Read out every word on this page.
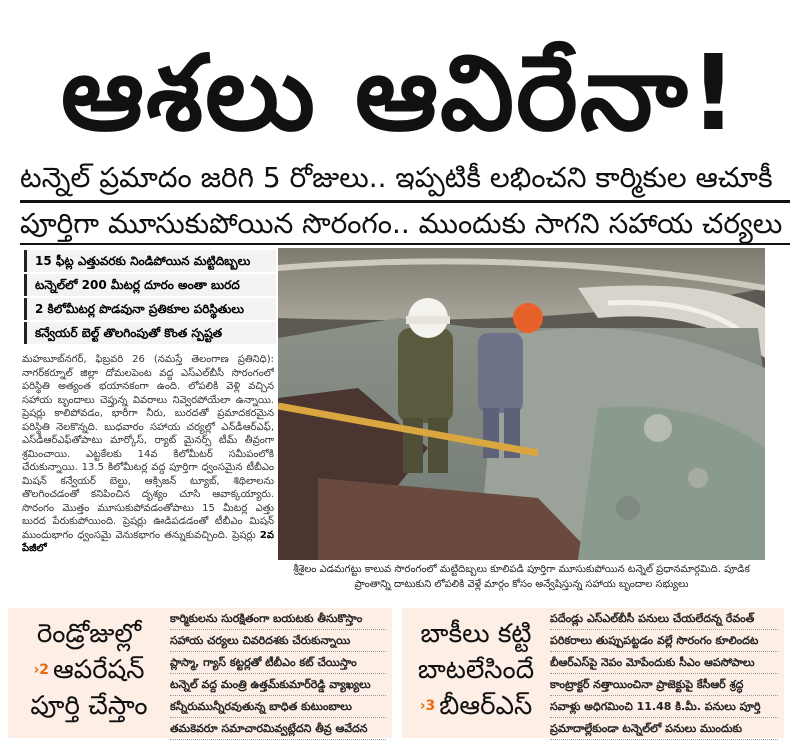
ఆశలు ఆవిరేనా!
టన్నెల్ ప్రమాదం జరిగి 5 రోజులు.. ఇప్పటికీ లభించని కార్మికుల ఆచూకీ
పూర్తిగా మూసుకుపోయిన సొరంగం.. ముందుకు సాగని సహాయ చర్యలు
15 ఫీట్ల ఎత్తువరకు నిండిపోయిన మట్టిదిబ్బలు
టన్నెల్‌లో 200 మీటర్ల దూరం అంతా బురద
2 కిలోమీటర్ల పొడవునా ప్రతికూల పరిస్థితులు
కన్వేయర్ బెల్ట్ తొలగింపుతో కొంత స్పష్టత
మహబూబ్‌నగర్, ఫిబ్రవరి 26 (నమస్తే తెలంగాణ ప్రతినిధి): నాగర్‌కర్నూల్ జిల్లా దోమలపెంట వద్ద ఎస్‌ఎల్‌బీసీ సొరంగంలో పరిస్థితి అత్యంత భయానకంగా ఉంది. లోపలికి వెళ్లి వచ్చిన సహాయ బృందాలు చెప్తున్న వివరాలు నివ్వెరపోయేలా ఉన్నాయి. ప్రెషర్లు కాలిపోవడం, భారీగా నీరు, బురదతో ప్రమాదకరమైన పరిస్థితి నెలకొన్నది. బుధవారం సహాయ చర్యల్లో ఎన్‌డీఆర్‌ఎఫ్, ఎస్‌డీఆర్‌ఎఫ్‌తోపాటు మార్కోస్, ర్యాట్ మైనర్స్ టీమ్ తీవ్రంగా శ్రమించాయి. ఎట్టకేలకు 14వ కిలోమీటర్ సమీపంలోకి చేరుకున్నాయి. 13.5 కిలోమీటర్ల వద్ద పూర్తిగా ధ్వంసమైన టీబీఎం మిషన్ కన్వేయర్ బెల్టు, ఆక్సిజన్ ట్యూబ్, శిథిలాలను తొలగించడంతో కనిపించిన దృశ్యం చూసి ఆవాక్కయ్యారు. సొరంగం మొత్తం మూసుకుపోవడంతోపాటు 15 మీటర్ల ఎత్తు బురద పేరుకుపోయింది. ప్రెషర్లు ఊడిపడడంతో టీబీఎం మిషన్ ముందుభాగం ధ్వంసమై వెనుకభాగం తన్నుకువచ్చింది. ప్రెషర్లు 2వ పేజీలో
శ్రీశైలం ఎడమగట్టు కాలువ సొరంగంలో మట్టిదిబ్బలు కూలిపడి పూర్తిగా మూసుకుపోయిన టన్నెల్ ప్రధానమార్గమిది. పూడిక ప్రాంతాన్ని దాటుకుని లోపలికి వెళ్లే మార్గం కోసం అన్వేషిస్తున్న సహాయ బృందాల సభ్యులు
రెండ్రోజుల్లో
›2 ఆపరేషన్
పూర్తి చేస్తాం
కార్మికులను సురక్షితంగా బయటకు తీసుకొస్తాం
సహాయ చర్యలు చివరిదశకు చేరుకున్నాయి
ప్లాస్మా, గ్యాస్ కట్టర్లతో టీబీఎం కట్ చేయిస్తాం
టన్నెల్ వద్ద మంత్రి ఉత్తమ్‌కుమార్‌రెడ్డి వ్యాఖ్యలు
కన్నీరుమున్నీరవుతున్న బాధిత కుటుంబాలు
తమకెవరూ సమాచారమివ్వట్లేదని తీవ్ర ఆవేదన
బాకీలు కట్టి
బాటలేసిందే
›3 బీఆర్‌ఎస్
పదేండ్లు ఎస్‌ఎల్‌బీసీ పనులు చేయలేదన్న రేవంత్
పరికరాలు తుప్పుపట్టడం వల్లే సొరంగం కూలిందట
బీఆర్‌ఎస్‌పై నెపం మోపేందుకు సీఎం ఆపసోపాలు
కాంట్రాక్టర్ నత్తాయించినా ప్రాజెక్టుపై కేసీఆర్ శ్రద్ధ
సవాళ్లు అధిగమించి 11.48 కి.మీ. పనులు పూర్తి
ప్రమాదాల్లేకుండా టన్నెల్‌లో పనులు ముందుకు
